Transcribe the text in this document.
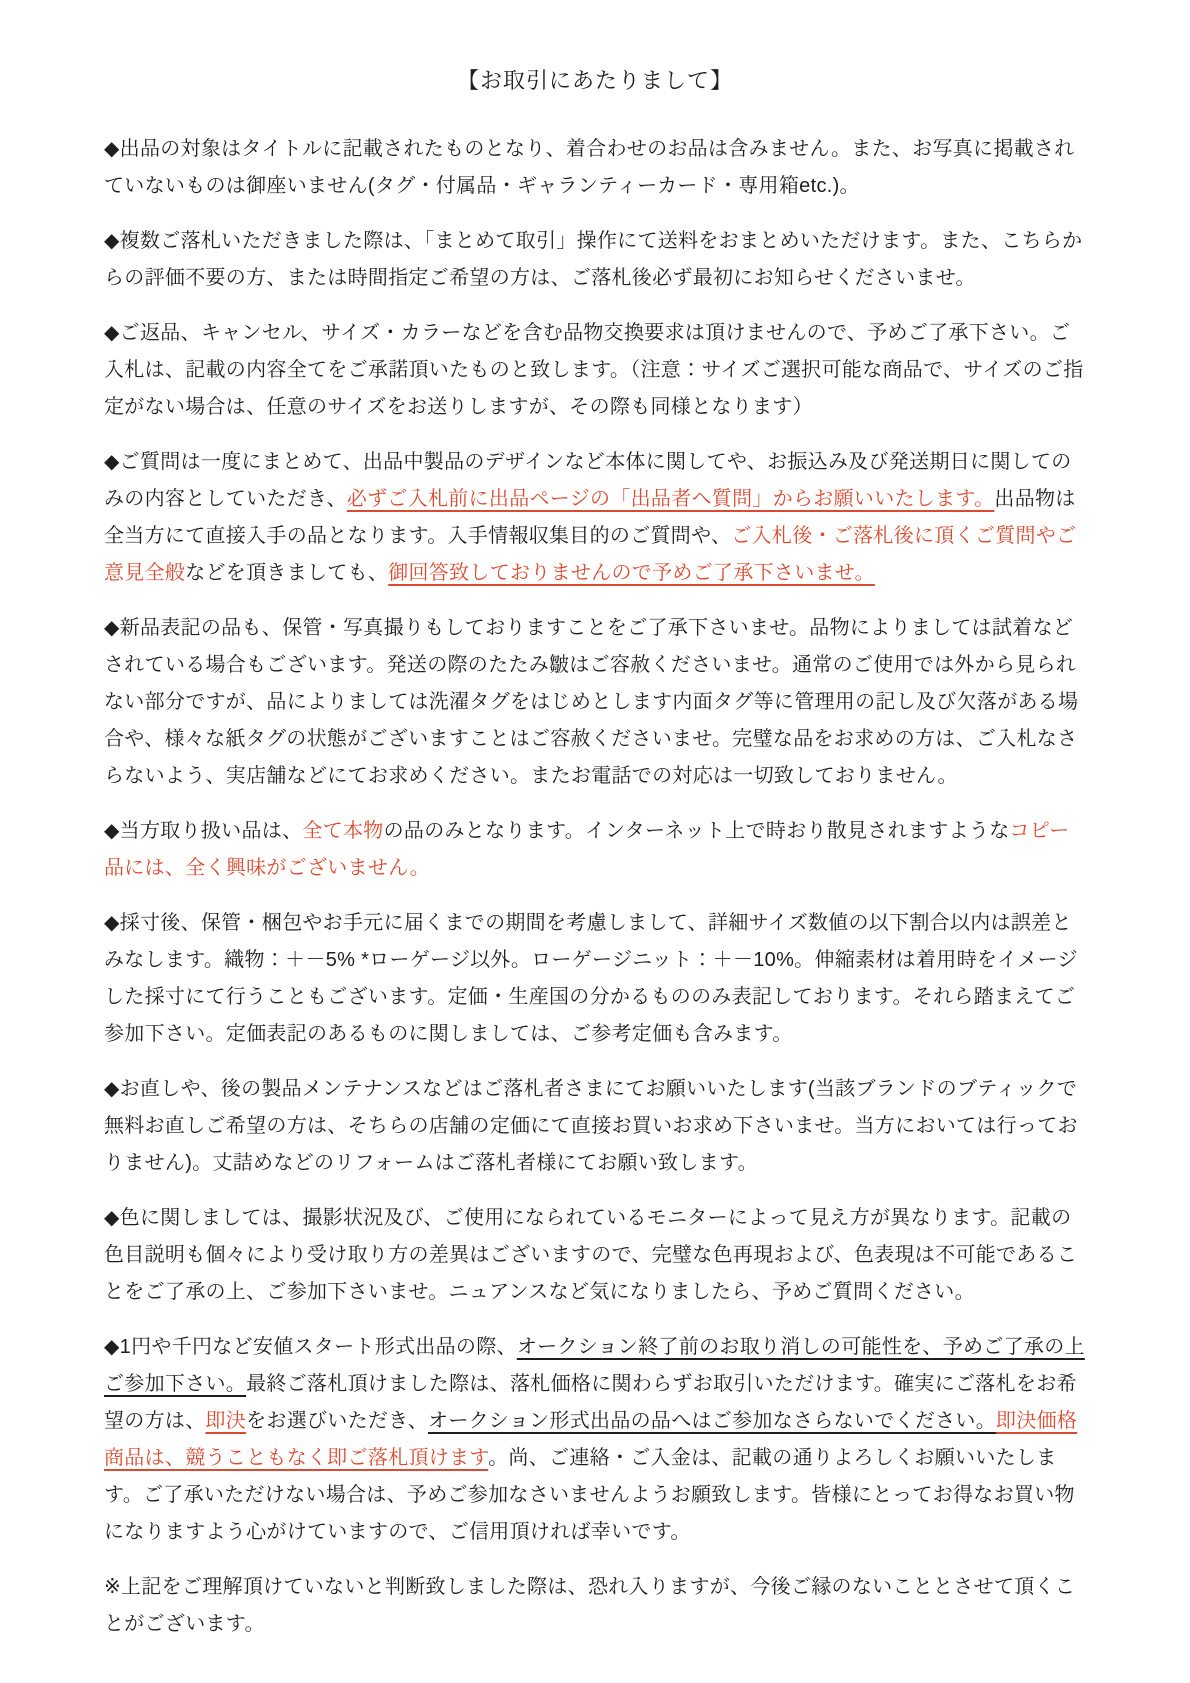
【お取引にあたりまして】

◆出品の対象はタイトルに記載されたものとなり、着合わせのお品は含みません。また、お写真に掲載されていないものは御座いません(タグ・付属品・ギャランティーカード・専用箱etc.)。

◆複数ご落札いただきました際は、「まとめて取引」操作にて送料をおまとめいただけます。また、こちらからの評価不要の方、または時間指定ご希望の方は、ご落札後必ず最初にお知らせくださいませ。

◆ご返品、キャンセル、サイズ・カラーなどを含む品物交換要求は頂けませんので、予めご了承下さい。ご入札は、記載の内容全てをご承諾頂いたものと致します。（注意：サイズご選択可能な商品で、サイズのご指定がない場合は、任意のサイズをお送りしますが、その際も同様となります）

◆ご質問は一度にまとめて、出品中製品のデザインなど本体に関してや、お振込み及び発送期日に関してのみの内容としていただき、必ずご入札前に出品ページの「出品者へ質問」からお願いいたします。出品物は全当方にて直接入手の品となります。入手情報収集目的のご質問や、ご入札後・ご落札後に頂くご質問やご意見全般などを頂きましても、御回答致しておりませんので予めご了承下さいませ。

◆新品表記の品も、保管・写真撮りもしておりますことをご了承下さいませ。品物によりましては試着などされている場合もございます。発送の際のたたみ皺はご容赦くださいませ。通常のご使用では外から見られない部分ですが、品によりましては洗濯タグをはじめとします内面タグ等に管理用の記し及び欠落がある場合や、様々な紙タグの状態がございますことはご容赦くださいませ。完璧な品をお求めの方は、ご入札なさらないよう、実店舗などにてお求めください。またお電話での対応は一切致しておりません。

◆当方取り扱い品は、全て本物の品のみとなります。インターネット上で時おり散見されますようなコピー品には、全く興味がございません。

◆採寸後、保管・梱包やお手元に届くまでの期間を考慮しまして、詳細サイズ数値の以下割合以内は誤差とみなします。織物：＋－5% *ローゲージ以外。ローゲージニット：＋－10%。伸縮素材は着用時をイメージした採寸にて行うこともございます。定価・生産国の分かるもののみ表記しております。それら踏まえてご参加下さい。定価表記のあるものに関しましては、ご参考定価も含みます。

◆お直しや、後の製品メンテナンスなどはご落札者さまにてお願いいたします(当該ブランドのブティックで無料お直しご希望の方は、そちらの店舗の定価にて直接お買いお求め下さいませ。当方においては行っておりません)。丈詰めなどのリフォームはご落札者様にてお願い致します。

◆色に関しましては、撮影状況及び、ご使用になられているモニターによって見え方が異なります。記載の色目説明も個々により受け取り方の差異はございますので、完璧な色再現および、色表現は不可能であることをご了承の上、ご参加下さいませ。ニュアンスなど気になりましたら、予めご質問ください。

◆1円や千円など安値スタート形式出品の際、オークション終了前のお取り消しの可能性を、予めご了承の上ご参加下さい。最終ご落札頂けました際は、落札価格に関わらずお取引いただけます。確実にご落札をお希望の方は、即決をお選びいただき、オークション形式出品の品へはご参加なさらないでください。即決価格商品は、競うこともなく即ご落札頂けます。尚、ご連絡・ご入金は、記載の通りよろしくお願いいたします。ご了承いただけない場合は、予めご参加なさいませんようお願致します。皆様にとってお得なお買い物になりますよう心がけていますので、ご信用頂ければ幸いです。

※上記をご理解頂けていないと判断致しました際は、恐れ入りますが、今後ご縁のないこととさせて頂くことがございます。
